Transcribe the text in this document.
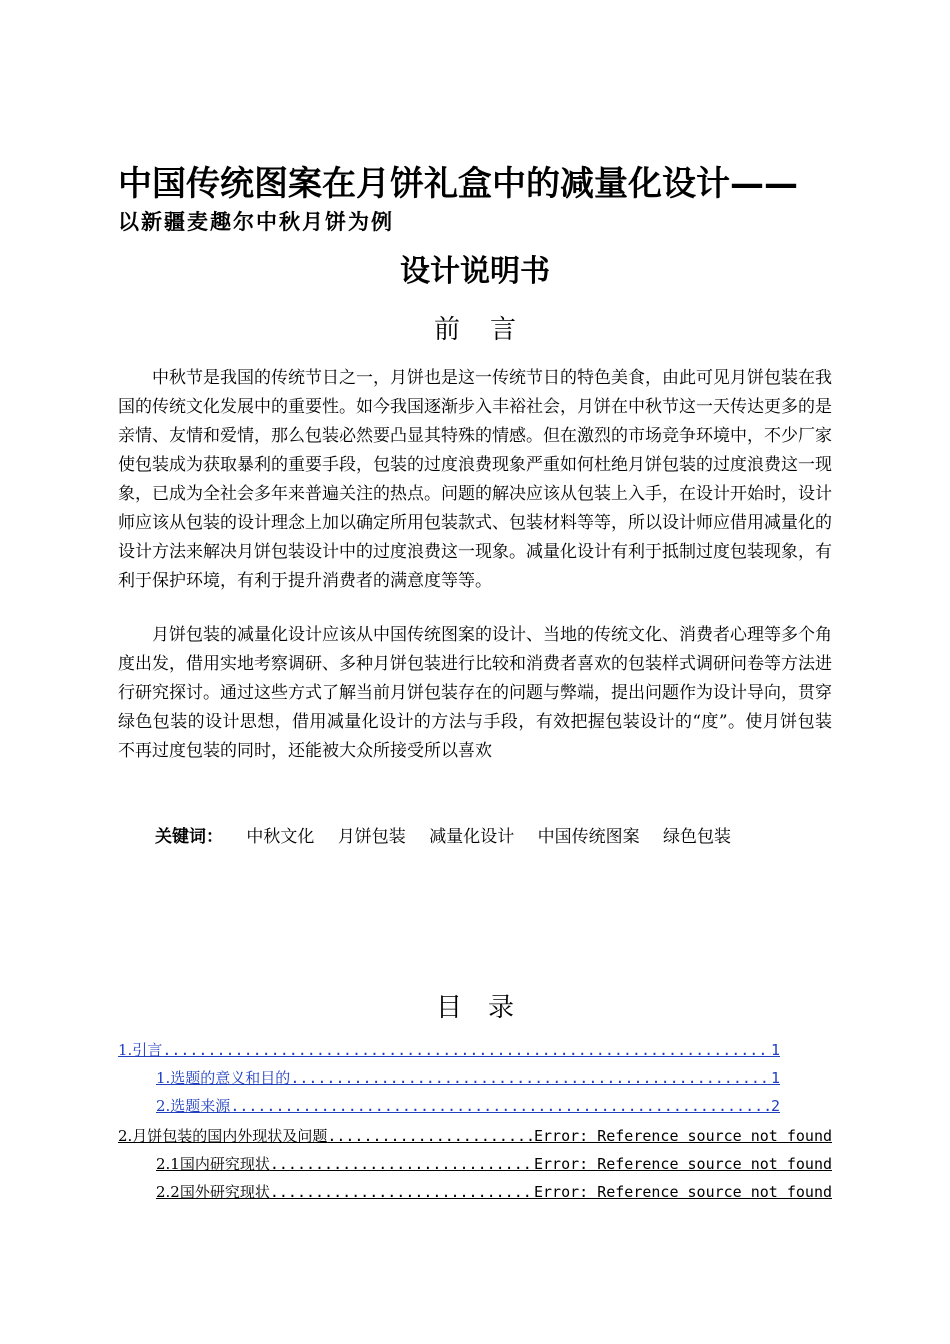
中国传统图案在月饼礼盒中的减量化设计——
以新疆麦趣尔中秋月饼为例
设计说明书
前言

中秋节是我国的传统节日之一，月饼也是这一传统节日的特色美食，由此可见月饼包装在我国的传统文化发展中的重要性。如今我国逐渐步入丰裕社会，月饼在中秋节这一天传达更多的是亲情、友情和爱情，那么包装必然要凸显其特殊的情感。但在激烈的市场竞争环境中，不少厂家使包装成为获取暴利的重要手段，包装的过度浪费现象严重如何杜绝月饼包装的过度浪费这一现象，已成为全社会多年来普遍关注的热点。问题的解决应该从包装上入手，在设计开始时，设计师应该从包装的设计理念上加以确定所用包装款式、包装材料等等，所以设计师应借用减量化的设计方法来解决月饼包装设计中的过度浪费这一现象。减量化设计有利于抵制过度包装现象，有利于保护环境，有利于提升消费者的满意度等等。

月饼包装的减量化设计应该从中国传统图案的设计、当地的传统文化、消费者心理等多个角度出发，借用实地考察调研、多种月饼包装进行比较和消费者喜欢的包装样式调研问卷等方法进行研究探讨。通过这些方式了解当前月饼包装存在的问题与弊端，提出问题作为设计导向，贯穿绿色包装的设计思想，借用减量化设计的方法与手段，有效把握包装设计的“度”。使月饼包装不再过度包装的同时，还能被大众所接受所以喜欢

关键词： 中秋文化 月饼包装 减量化设计 中国传统图案 绿色包装
目录
1.引言 .....	1
1.选题的意义和目的 .....	1
2.选题来源 .....	2
2.月饼包装的国内外现状及问题 .....	Error: Reference source not found
2.1国内研究现状 .....	Error: Reference source not found
2.2国外研究现状 .....	Error: Reference source not found
